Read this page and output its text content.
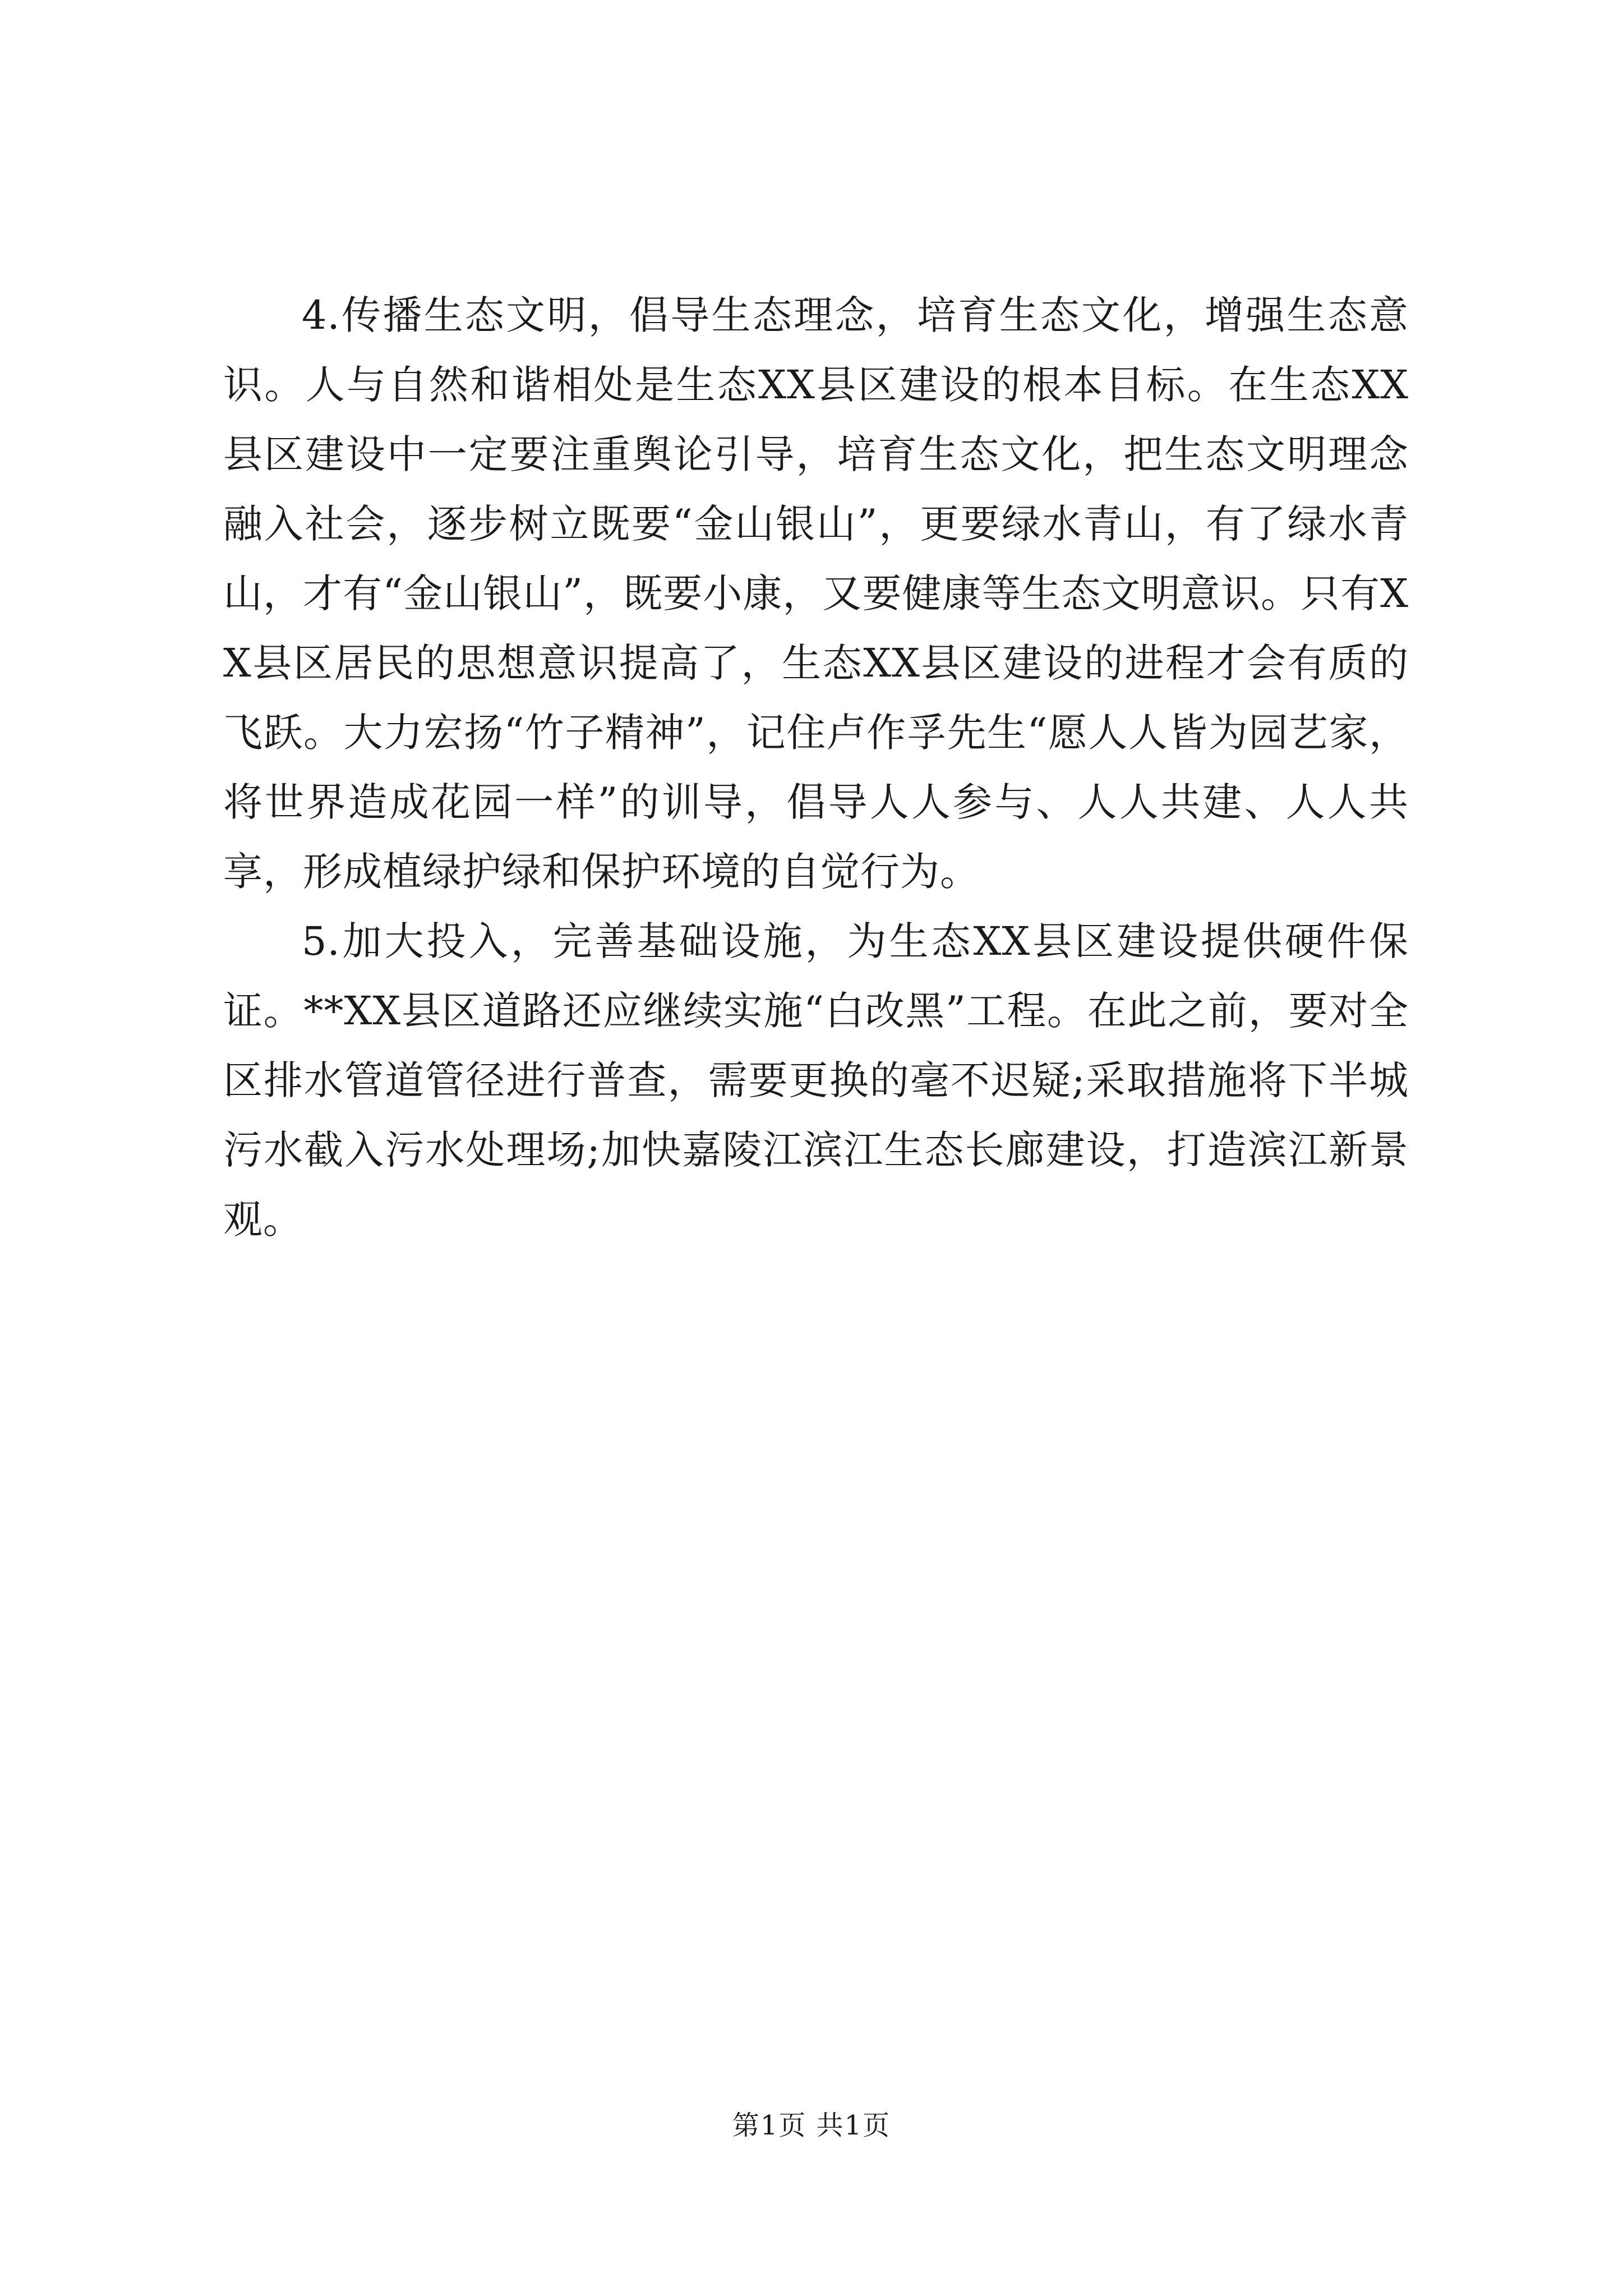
4.传播生态文明，倡导生态理念，培育生态文化，增强生态意识。人与自然和谐相处是生态XX县区建设的根本目标。在生态XX县区建设中一定要注重舆论引导，培育生态文化，把生态文明理念融入社会，逐步树立既要“金山银山”，更要绿水青山，有了绿水青山，才有“金山银山”，既要小康，又要健康等生态文明意识。只有XX县区居民的思想意识提高了，生态XX县区建设的进程才会有质的飞跃。大力宏扬“竹子精神”，记住卢作孚先生“愿人人皆为园艺家，将世界造成花园一样”的训导，倡导人人参与、人人共建、人人共享，形成植绿护绿和保护环境的自觉行为。

5.加大投入，完善基础设施，为生态XX县区建设提供硬件保证。**XX县区道路还应继续实施“白改黑”工程。在此之前，要对全区排水管道管径进行普查，需要更换的毫不迟疑;采取措施将下半城污水截入污水处理场;加快嘉陵江滨江生态长廊建设，打造滨江新景观。

第1页 共1页
